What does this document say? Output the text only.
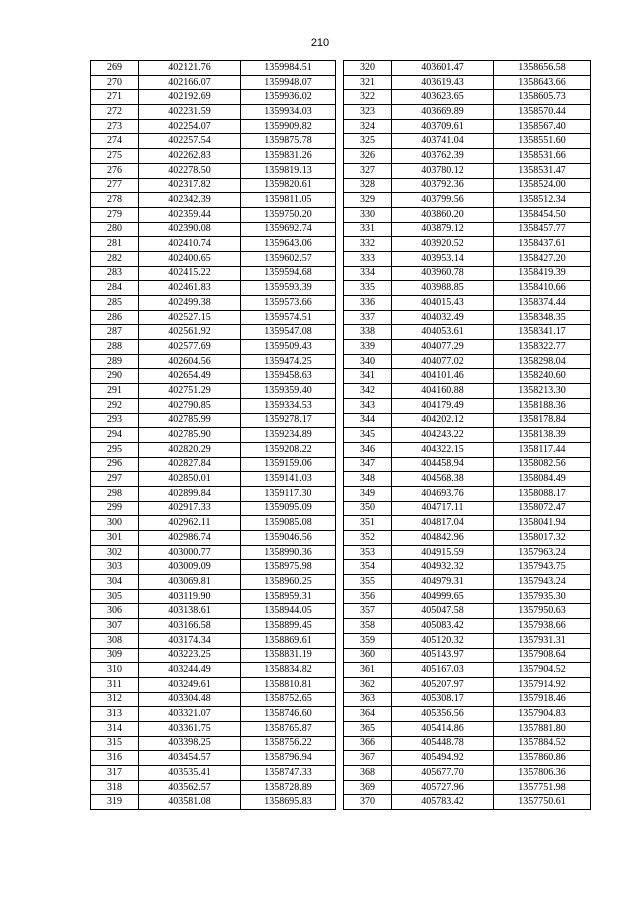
210
269	402121.76	1359984.51
270	402166.07	1359948.07
271	402192.69	1359936.02
272	402231.59	1359934.03
273	402254.07	1359909.82
274	402257.54	1359875.78
275	402262.83	1359831.26
276	402278.50	1359819.13
277	402317.82	1359820.61
278	402342.39	1359811.05
279	402359.44	1359750.20
280	402390.08	1359692.74
281	402410.74	1359643.06
282	402400.65	1359602.57
283	402415.22	1359594.68
284	402461.83	1359593.39
285	402499.38	1359573.66
286	402527.15	1359574.51
287	402561.92	1359547.08
288	402577.69	1359509.43
289	402604.56	1359474.25
290	402654.49	1359458.63
291	402751.29	1359359.40
292	402790.85	1359334.53
293	402785.99	1359278.17
294	402785.90	1359234.89
295	402820.29	1359208.22
296	402827.84	1359159.06
297	402850.01	1359141.03
298	402899.84	1359117.30
299	402917.33	1359095.09
300	402962.11	1359085.08
301	402986.74	1359046.56
302	403000.77	1358990.36
303	403009.09	1358975.98
304	403069.81	1358960.25
305	403119.90	1358959.31
306	403138.61	1358944.05
307	403166.58	1358899.45
308	403174.34	1358869.61
309	403223.25	1358831.19
310	403244.49	1358834.82
311	403249.61	1358810.81
312	403304.48	1358752.65
313	403321.07	1358746.60
314	403361.75	1358765.87
315	403398.25	1358756.22
316	403454.57	1358796.94
317	403535.41	1358747.33
318	403562.57	1358728.89
319	403581.08	1358695.83
320	403601.47	1358656.58
321	403619.43	1358643.66
322	403623.65	1358605.73
323	403669.89	1358570.44
324	403709.61	1358567.40
325	403741.04	1358551.60
326	403762.39	1358531.66
327	403780.12	1358531.47
328	403792.36	1358524.00
329	403799.56	1358512.34
330	403860.20	1358454.50
331	403879.12	1358457.77
332	403920.52	1358437.61
333	403953.14	1358427.20
334	403960.78	1358419.39
335	403988.85	1358410.66
336	404015.43	1358374.44
337	404032.49	1358348.35
338	404053.61	1358341.17
339	404077.29	1358322.77
340	404077.02	1358298.04
341	404101.46	1358240.60
342	404160.88	1358213.30
343	404179.49	1358188.36
344	404202.12	1358178.84
345	404243.22	1358138.39
346	404322.15	1358117.44
347	404458.94	1358082.56
348	404568.38	1358084.49
349	404693.76	1358088.17
350	404717.11	1358072.47
351	404817.04	1358041.94
352	404842.96	1358017.32
353	404915.59	1357963.24
354	404932.32	1357943.75
355	404979.31	1357943.24
356	404999.65	1357935.30
357	405047.58	1357950.63
358	405083.42	1357938.66
359	405120.32	1357931.31
360	405143.97	1357908.64
361	405167.03	1357904.52
362	405207.97	1357914.92
363	405308.17	1357918.46
364	405356.56	1357904.83
365	405414.86	1357881.80
366	405448.78	1357884.52
367	405494.92	1357860.86
368	405677.70	1357806.36
369	405727.96	1357751.98
370	405783.42	1357750.61
